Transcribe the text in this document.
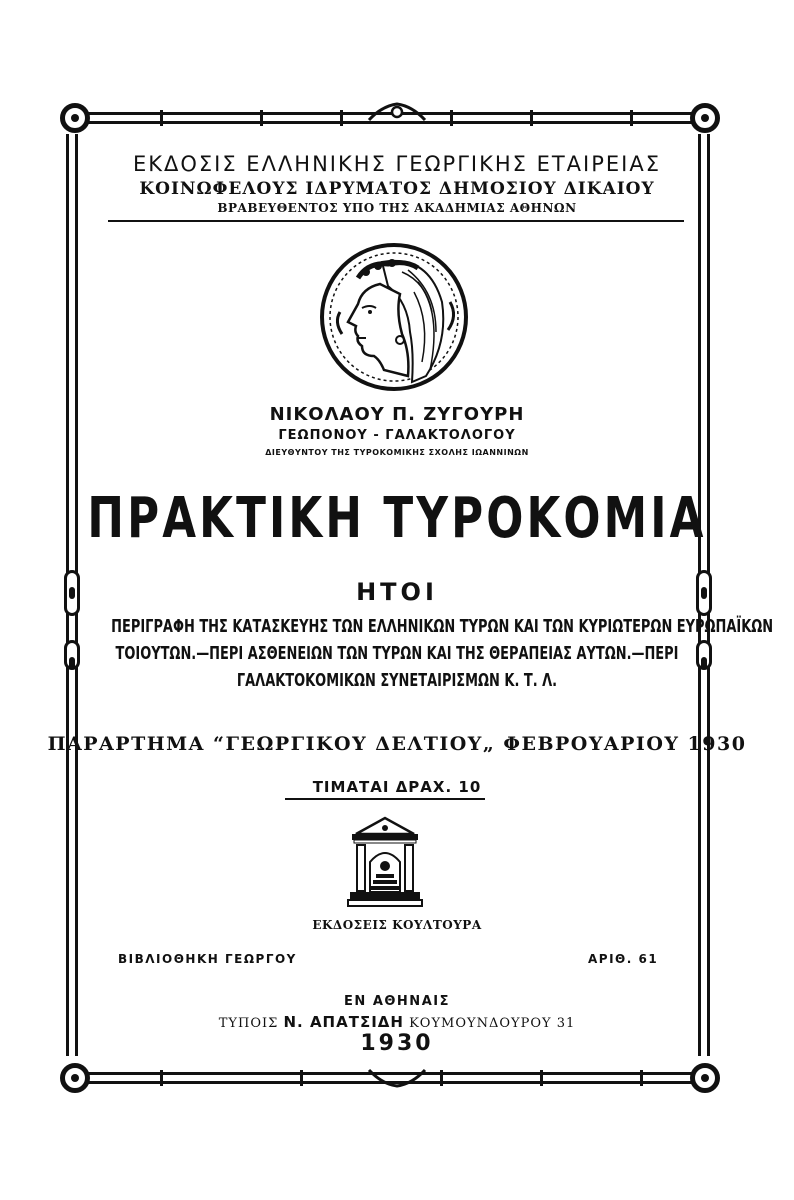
ΕΚΔΟΣΙΣ ΕΛΛΗΝΙΚΗΣ ΓΕΩΡΓΙΚΗΣ ΕΤΑΙΡΕΙΑΣ
ΚΟΙΝΩΦΕΛΟΥΣ ΙΔΡΥΜΑΤΟΣ ΔΗΜΟΣΙΟΥ ΔΙΚΑΙΟΥ
ΒΡΑΒΕΥΘΕΝΤΟΣ ΥΠΟ ΤΗΣ ΑΚΑΔΗΜΙΑΣ ΑΘΗΝΩΝ
ΝΙΚΟΛΑΟΥ Π. ΖΥΓΟΥΡΗ
ΓΕΩΠΟΝΟΥ - ΓΑΛΑΚΤΟΛΟΓΟΥ
ΔΙΕΥΘΥΝΤΟΥ ΤΗΣ ΤΥΡΟΚΟΜΙΚΗΣ ΣΧΟΛΗΣ ΙΩΑΝΝΙΝΩΝ
ΠΡΑΚΤΙΚΗ ΤΥΡΟΚΟΜΙΑ
ΗΤΟΙ
ΠΕΡΙΓΡΑΦΗ ΤΗΣ ΚΑΤΑΣΚΕΥΗΣ ΤΩΝ ΕΛΛΗΝΙΚΩΝ ΤΥΡΩΝ ΚΑΙ ΤΩΝ ΚΥΡΙΩΤΕΡΩΝ ΕΥΡΩΠΑΪΚΩΝ
ΤΟΙΟΥΤΩΝ.—ΠΕΡΙ ΑΣΘΕΝΕΙΩΝ ΤΩΝ ΤΥΡΩΝ ΚΑΙ ΤΗΣ ΘΕΡΑΠΕΙΑΣ ΑΥΤΩΝ.—ΠΕΡΙ
ΓΑΛΑΚΤΟΚΟΜΙΚΩΝ ΣΥΝΕΤΑΙΡΙΣΜΩΝ Κ. Τ. Λ.
ΠΑΡΑΡΤΗΜΑ “ΓΕΩΡΓΙΚΟΥ ΔΕΛΤΙΟΥ„ ΦΕΒΡΟΥΑΡΙΟΥ 1930
ΤΙΜΑΤΑΙ ΔΡΑΧ. 10
ΕΚΔΟΣΕΙΣ ΚΟΥΛΤΟΥΡΑ
ΒΙΒΛΙΟΘΗΚΗ ΓΕΩΡΓΟΥ	ΑΡΙΘ. 61
ΕΝ ΑΘΗΝΑΙΣ
ΤΥΠΟΙΣ Ν. ΑΠΑΤΣΙΔΗ ΚΟΥΜΟΥΝΔΟΥΡΟΥ 31
1930
